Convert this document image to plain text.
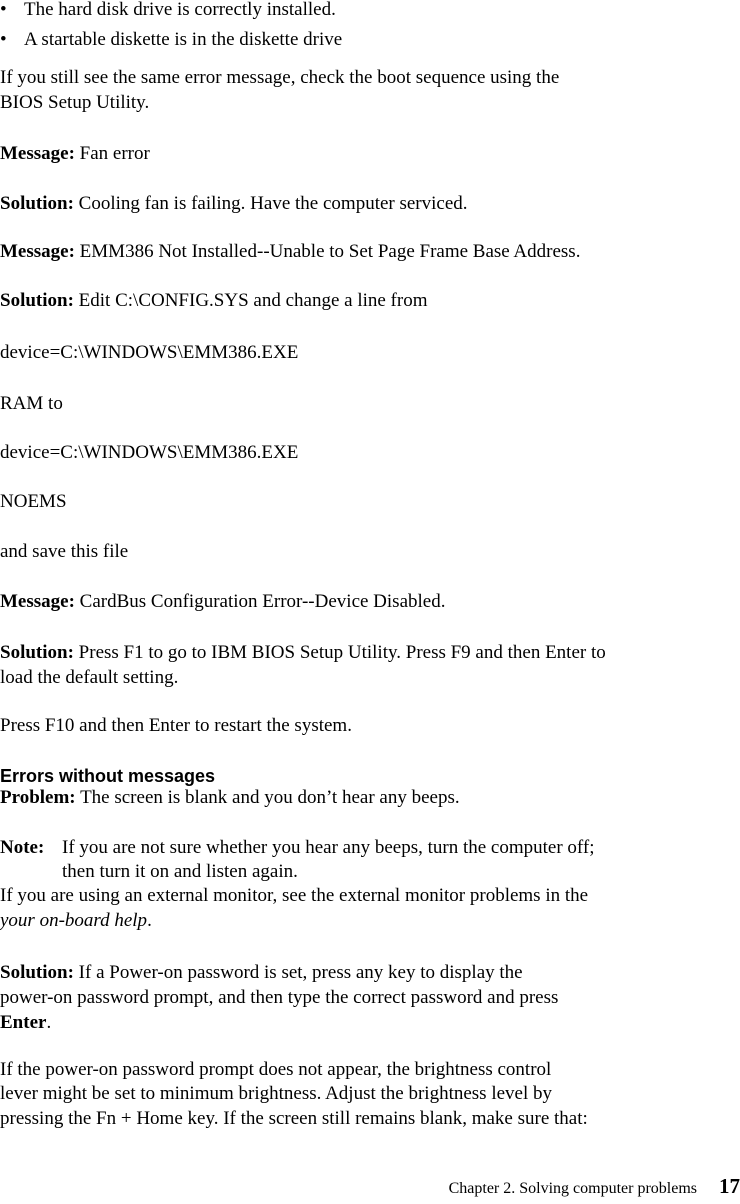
• The hard disk drive is correctly installed.
• A startable diskette is in the diskette drive
If you still see the same error message, check the boot sequence using the
BIOS Setup Utility.
Message: Fan error
Solution: Cooling fan is failing. Have the computer serviced.
Message: EMM386 Not Installed--Unable to Set Page Frame Base Address.
Solution: Edit C:\CONFIG.SYS and change a line from
device=C:\WINDOWS\EMM386.EXE
RAM to
device=C:\WINDOWS\EMM386.EXE
NOEMS
and save this file
Message: CardBus Configuration Error--Device Disabled.
Solution: Press F1 to go to IBM BIOS Setup Utility. Press F9 and then Enter to
load the default setting.
Press F10 and then Enter to restart the system.
Errors without messages
Problem: The screen is blank and you don’t hear any beeps.
Note: If you are not sure whether you hear any beeps, turn the computer off;
then turn it on and listen again.
If you are using an external monitor, see the external monitor problems in the
your on-board help.
Solution: If a Power-on password is set, press any key to display the
power-on password prompt, and then type the correct password and press
Enter.
If the power-on password prompt does not appear, the brightness control
lever might be set to minimum brightness. Adjust the brightness level by
pressing the Fn + Home key. If the screen still remains blank, make sure that:
Chapter 2. Solving computer problems 17
